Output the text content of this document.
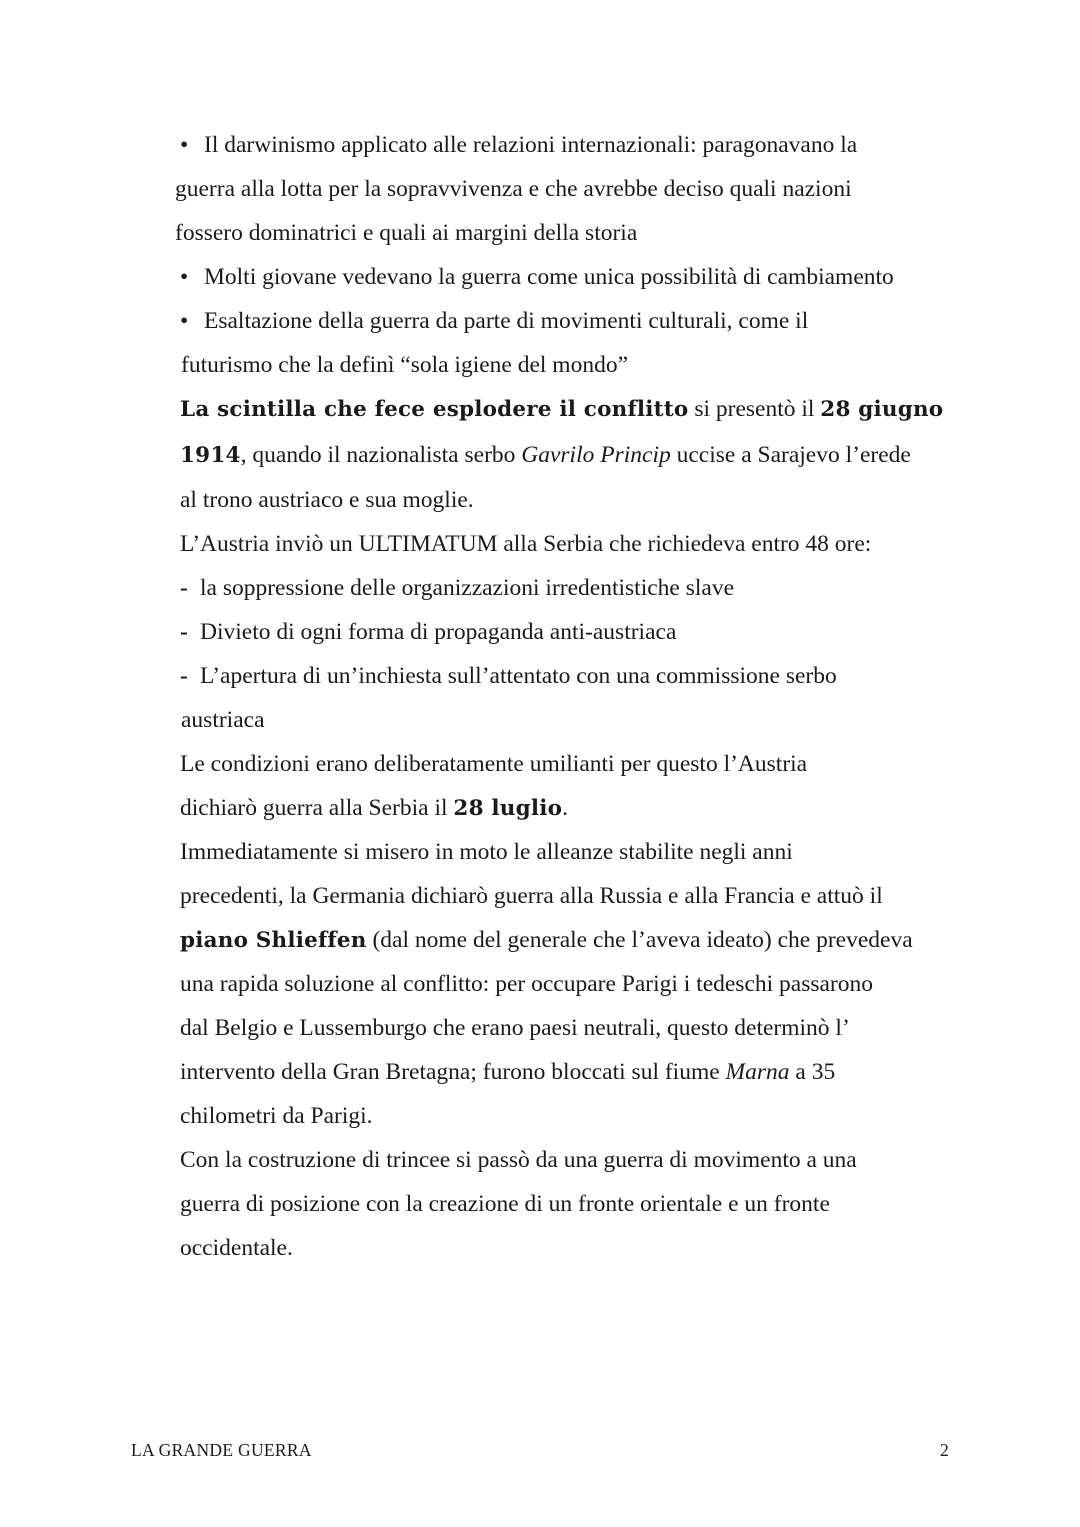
• Il darwinismo applicato alle relazioni internazionali: paragonavano la
guerra alla lotta per la sopravvivenza e che avrebbe deciso quali nazioni
fossero dominatrici e quali ai margini della storia
• Molti giovane vedevano la guerra come unica possibilità di cambiamento
• Esaltazione della guerra da parte di movimenti culturali, come il
futurismo che la definì “sola igiene del mondo”
La scintilla che fece esplodere il conflitto si presentò il 28 giugno
1914, quando il nazionalista serbo Gavrilo Princip uccise a Sarajevo l’erede
al trono austriaco e sua moglie.
L’Austria inviò un ULTIMATUM alla Serbia che richiedeva entro 48 ore:
- la soppressione delle organizzazioni irredentistiche slave
- Divieto di ogni forma di propaganda anti-austriaca
- L’apertura di un’inchiesta sull’attentato con una commissione serbo
austriaca
Le condizioni erano deliberatamente umilianti per questo l’Austria
dichiarò guerra alla Serbia il 28 luglio.
Immediatamente si misero in moto le alleanze stabilite negli anni
precedenti, la Germania dichiarò guerra alla Russia e alla Francia e attuò il
piano Shlieffen (dal nome del generale che l’aveva ideato) che prevedeva
una rapida soluzione al conflitto: per occupare Parigi i tedeschi passarono
dal Belgio e Lussemburgo che erano paesi neutrali, questo determinò l’
intervento della Gran Bretagna; furono bloccati sul fiume Marna a 35
chilometri da Parigi.
Con la costruzione di trincee si passò da una guerra di movimento a una
guerra di posizione con la creazione di un fronte orientale e un fronte
occidentale.
LA GRANDE GUERRA	2
